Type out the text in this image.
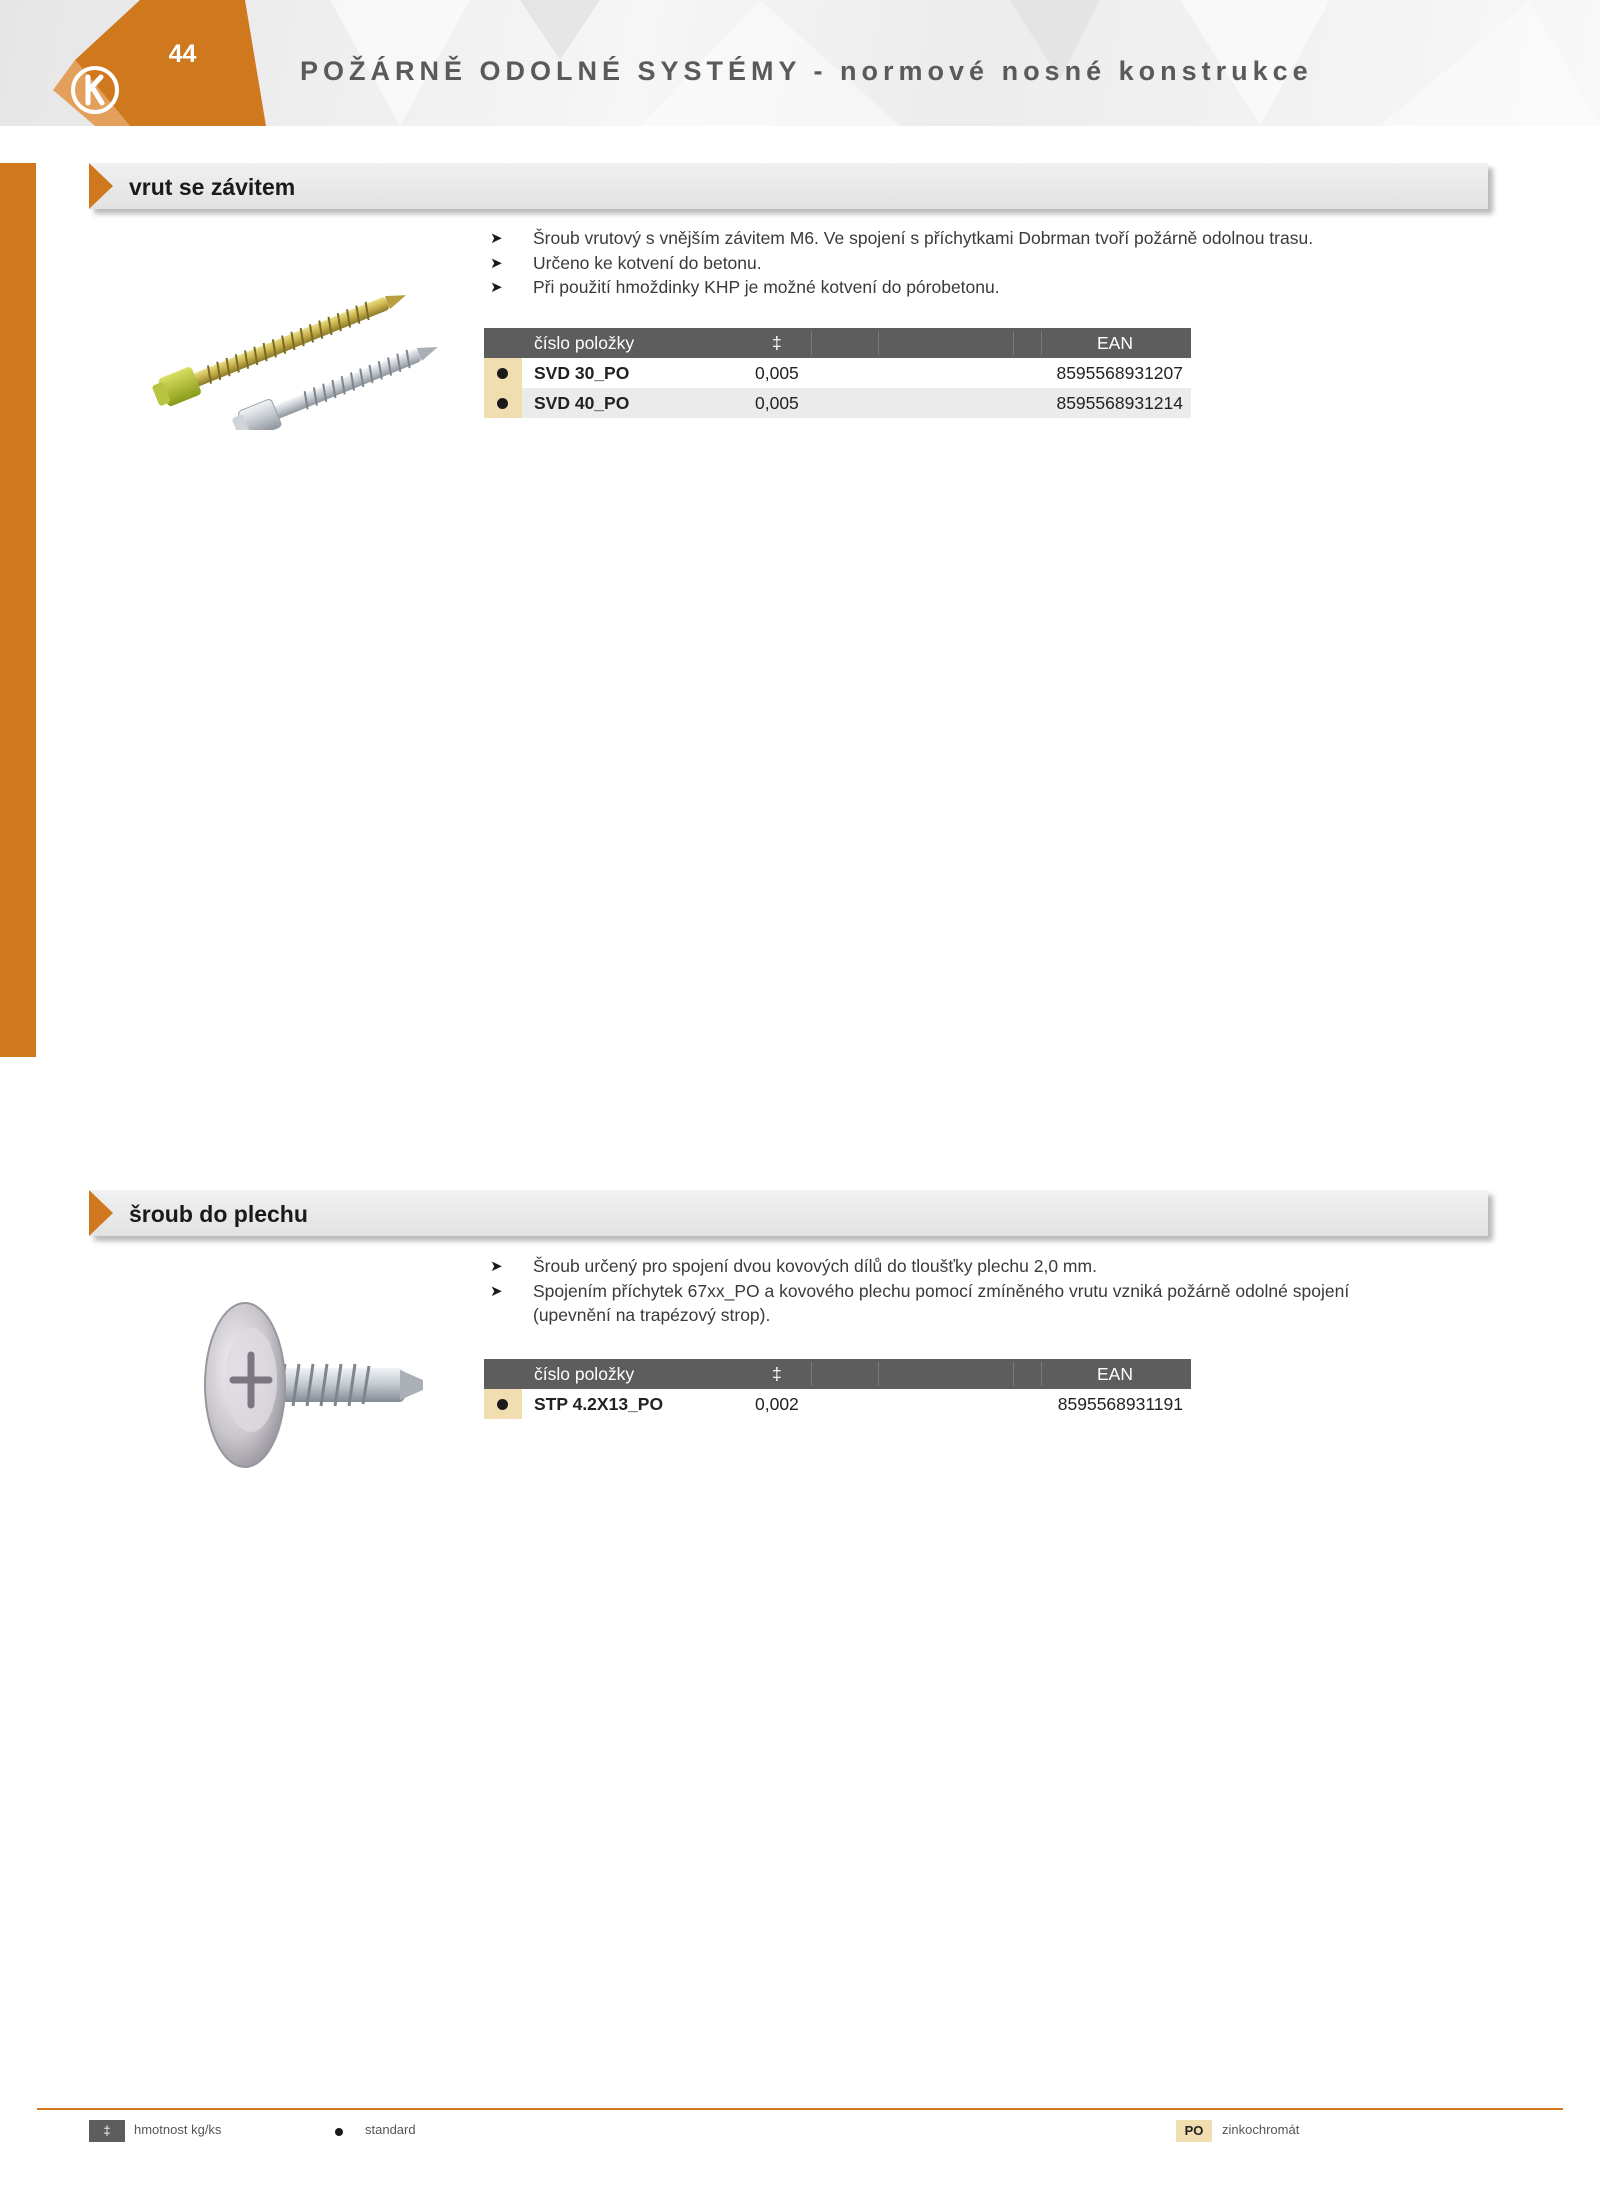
44
POŽÁRNĚ ODOLNÉ SYSTÉMY - normové nosné konstrukce
vrut se závitem
➤ Šroub vrutový s vnějším závitem M6. Ve spojení s příchytkami Dobrman tvoří požárně odolnou trasu.
➤ Určeno ke kotvení do betonu.
➤ Při použití hmoždinky KHP je možné kotvení do pórobetonu.
číslo položky	‡	EAN
SVD 30_PO	0,005	8595568931207
SVD 40_PO	0,005	8595568931214
šroub do plechu
➤ Šroub určený pro spojení dvou kovových dílů do tloušťky plechu 2,0 mm.
➤ Spojením příchytek 67xx_PO a kovového plechu pomocí zmíněného vrutu vzniká požárně odolné spojení (upevnění na trapézový strop).
číslo položky	‡	EAN
STP 4.2X13_PO	0,002	8595568931191
‡	hmotnost kg/ks	standard	PO	zinkochromát
